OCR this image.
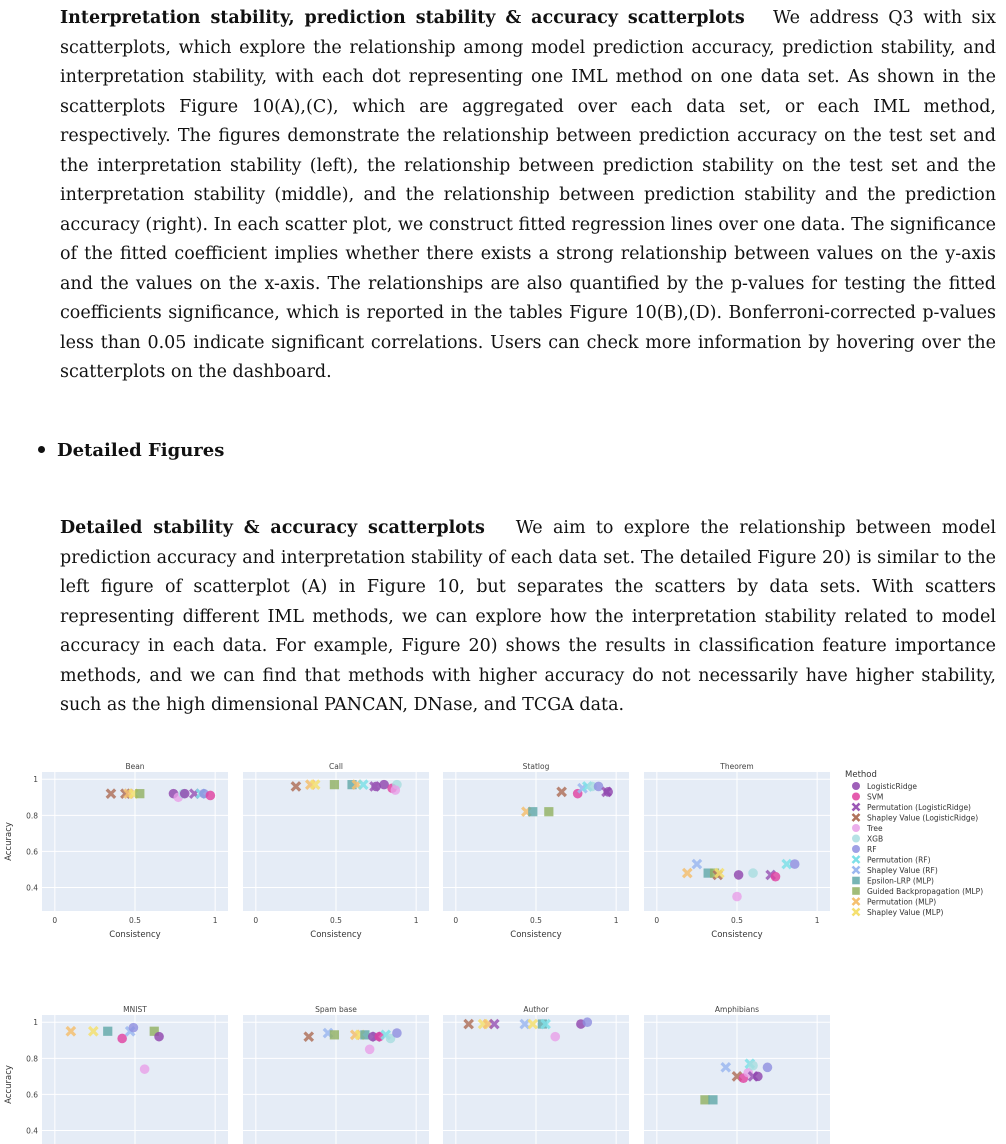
Interpretation stability, prediction stability & accuracy scatterplots We address Q3 with six scatterplots, which explore the relationship among model prediction accuracy, prediction stability, and interpretation stability, with each dot representing one IML method on one data set. As shown in the scatterplots Figure 10(A),(C), which are aggregated over each data set, or each IML method, respectively. The figures demonstrate the relationship between prediction accuracy on the test set and the interpretation stability (left), the relationship between prediction stability on the test set and the interpretation stability (middle), and the relationship between prediction stability and the prediction accuracy (right). In each scatter plot, we construct fitted regression lines over one data. The significance of the fitted coefficient implies whether there exists a strong relationship between values on the y-axis and the values on the x-axis. The relationships are also quantified by the p-values for testing the fitted coefficients significance, which is reported in the tables Figure 10(B),(D). Bonferroni-corrected p-values less than 0.05 indicate significant correlations. Users can check more information by hovering over the scatterplots on the dashboard.

Detailed Figures

Detailed stability & accuracy scatterplots We aim to explore the relationship between model prediction accuracy and interpretation stability of each data set. The detailed Figure 20) is similar to the left figure of scatterplot (A) in Figure 10, but separates the scatters by data sets. With scatters representing different IML methods, we can explore how the interpretation stability related to model accuracy in each data. For example, Figure 20) shows the results in classification feature importance methods, and we can find that methods with higher accuracy do not necessarily have higher stability, such as the high dimensional PANCAN, DNase, and TCGA data.

Bean
0	0.5	1
Consistency
0.4
0.6
0.8
1
Accuracy
Call
0	0.5	1
Consistency
Statlog
0	0.5	1
Consistency
Theorem
0	0.5	1
Consistency
MNIST
0.4
0.6
0.8
1
Accuracy
Spam base	Author	Amphibians
Method
LogisticRidge
SVM
Permutation (LogisticRidge)
Shapley Value (LogisticRidge)
Tree
XGB
RF
Permutation (RF)
Shapley Value (RF)
Epsilon-LRP (MLP)
Guided Backpropagation (MLP)
Permutation (MLP)
Shapley Value (MLP)
